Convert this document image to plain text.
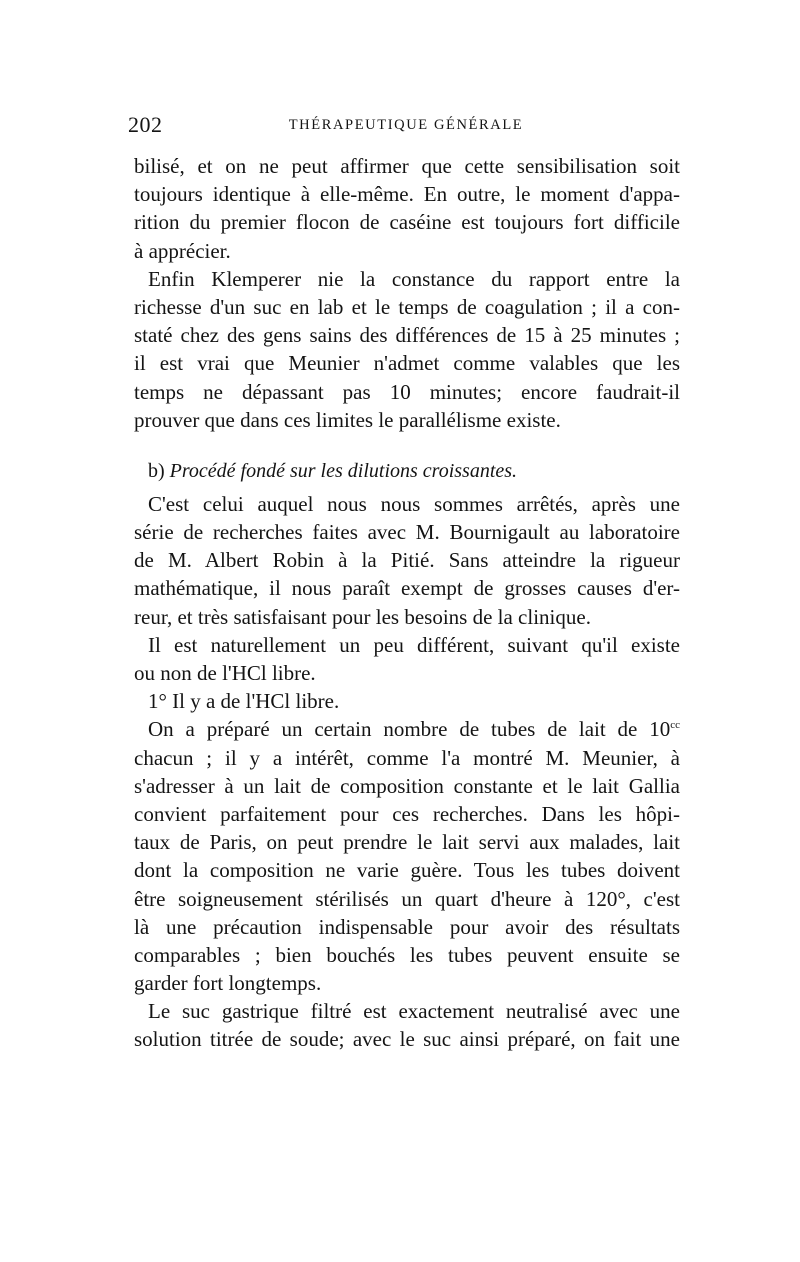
202	THÉRAPEUTIQUE GÉNÉRALE
bilisé, et on ne peut affirmer que cette sensibilisation soit
toujours identique à elle-même. En outre, le moment d'appa-
rition du premier flocon de caséine est toujours fort difficile
à apprécier.
Enfin Klemperer nie la constance du rapport entre la
richesse d'un suc en lab et le temps de coagulation ; il a con-
staté chez des gens sains des différences de 15 à 25 minutes ;
il est vrai que Meunier n'admet comme valables que les
temps ne dépassant pas 10 minutes; encore faudrait-il
prouver que dans ces limites le parallélisme existe.
b) Procédé fondé sur les dilutions croissantes.
C'est celui auquel nous nous sommes arrêtés, après une
série de recherches faites avec M. Bournigault au laboratoire
de M. Albert Robin à la Pitié. Sans atteindre la rigueur
mathématique, il nous paraît exempt de grosses causes d'er-
reur, et très satisfaisant pour les besoins de la clinique.
Il est naturellement un peu différent, suivant qu'il existe
ou non de l'HCl libre.
1° Il y a de l'HCl libre.
On a préparé un certain nombre de tubes de lait de $10^{cc}$
chacun ; il y a intérêt, comme l'a montré M. Meunier, à
s'adresser à un lait de composition constante et le lait Gallia
convient parfaitement pour ces recherches. Dans les hôpi-
taux de Paris, on peut prendre le lait servi aux malades, lait
dont la composition ne varie guère. Tous les tubes doivent
être soigneusement stérilisés un quart d'heure à 120°, c'est
là une précaution indispensable pour avoir des résultats
comparables ; bien bouchés les tubes peuvent ensuite se
garder fort longtemps.
Le suc gastrique filtré est exactement neutralisé avec une
solution titrée de soude; avec le suc ainsi préparé, on fait une
